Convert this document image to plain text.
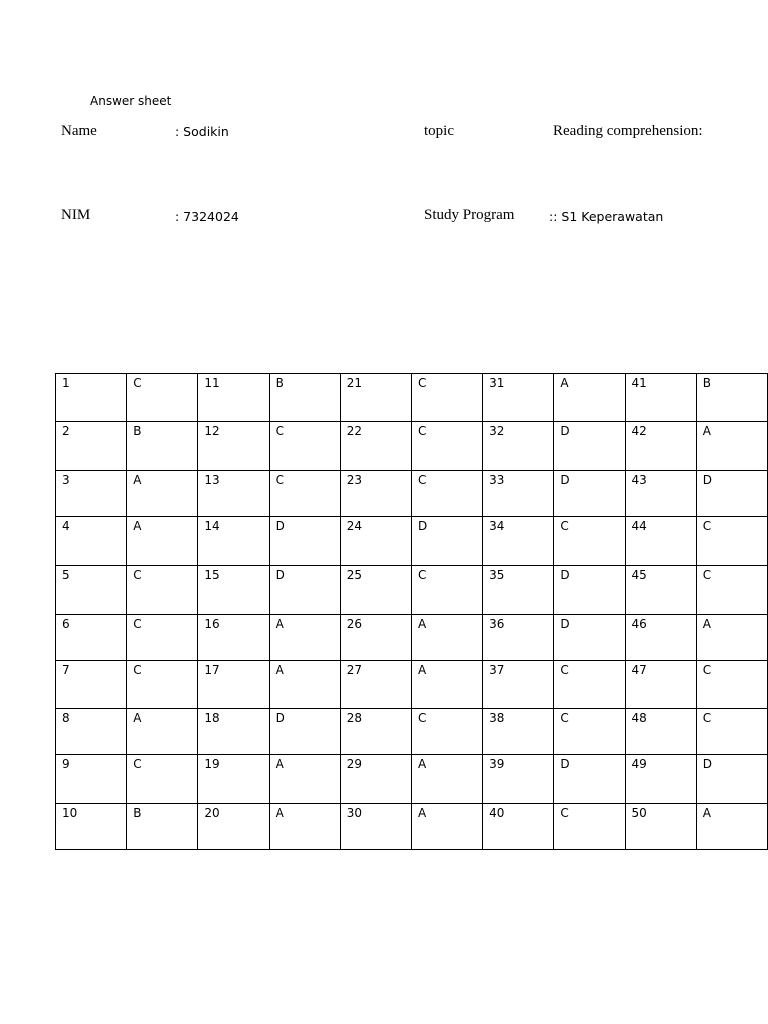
Answer sheet
Name	: Sodikin	topic	Reading comprehension:
NIM	: 7324024	Study Program	:: S1 Keperawatan
1	C	11	B	21	C	31	A	41	B

2	B	12	C	22	C	32	D	42	A

3	A	13	C	23	C	33	D	43	D

4	A	14	D	24	D	34	C	44	C

5	C	15	D	25	C	35	D	45	C

6	C	16	A	26	A	36	D	46	A

7	C	17	A	27	A	37	C	47	C

8	A	18	D	28	C	38	C	48	C

9	C	19	A	29	A	39	D	49	D

10	B	20	A	30	A	40	C	50	A
